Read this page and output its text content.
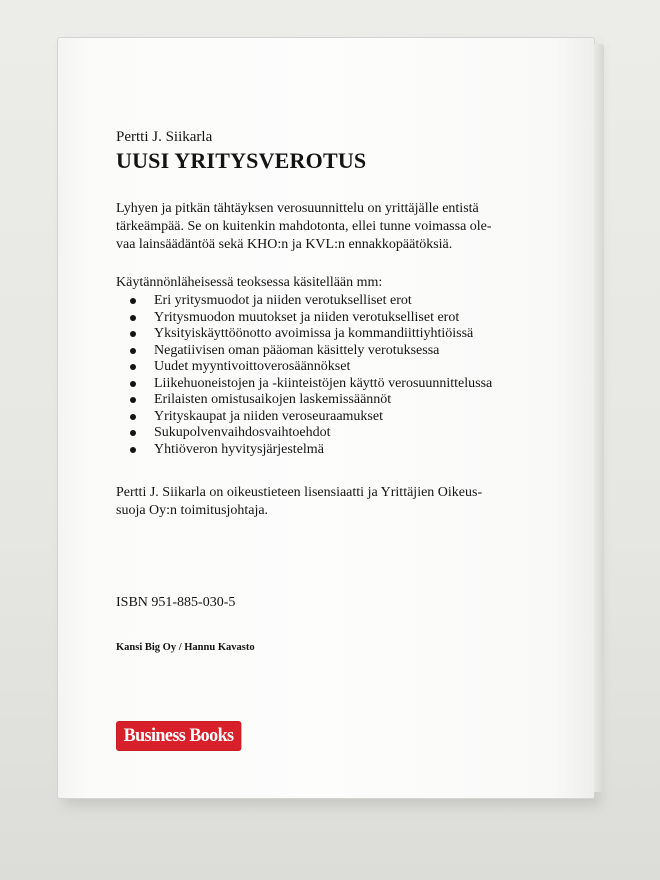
Pertti J. Siikarla

UUSI YRITYSVEROTUS
Lyhyen ja pitkän tähtäyksen verosuunnittelu on yrittäjälle entistä
tärkeämpää. Se on kuitenkin mahdotonta, ellei tunne voimassa ole-
vaa lainsäädäntöä sekä KHO:n ja KVL:n ennakkopäätöksiä.
Käytännönläheisessä teoksessa käsitellään mm:
Eri yritysmuodot ja niiden verotukselliset erot
Yritysmuodon muutokset ja niiden verotukselliset erot
Yksityiskäyttöönotto avoimissa ja kommandiittiyhtiöissä
Negatiivisen oman pääoman käsittely verotuksessa
Uudet myyntivoittoverosäännökset
Liikehuoneistojen ja -kiinteistöjen käyttö verosuunnittelussa
Erilaisten omistusaikojen laskemissäännöt
Yrityskaupat ja niiden veroseuraamukset
Sukupolvenvaihdosvaihtoehdot
Yhtiöveron hyvitysjärjestelmä
Pertti J. Siikarla on oikeustieteen lisensiaatti ja Yrittäjien Oikeus-
suoja Oy:n toimitusjohtaja.
ISBN 951-885-030-5
Kansi Big Oy / Hannu Kavasto
Business Books
